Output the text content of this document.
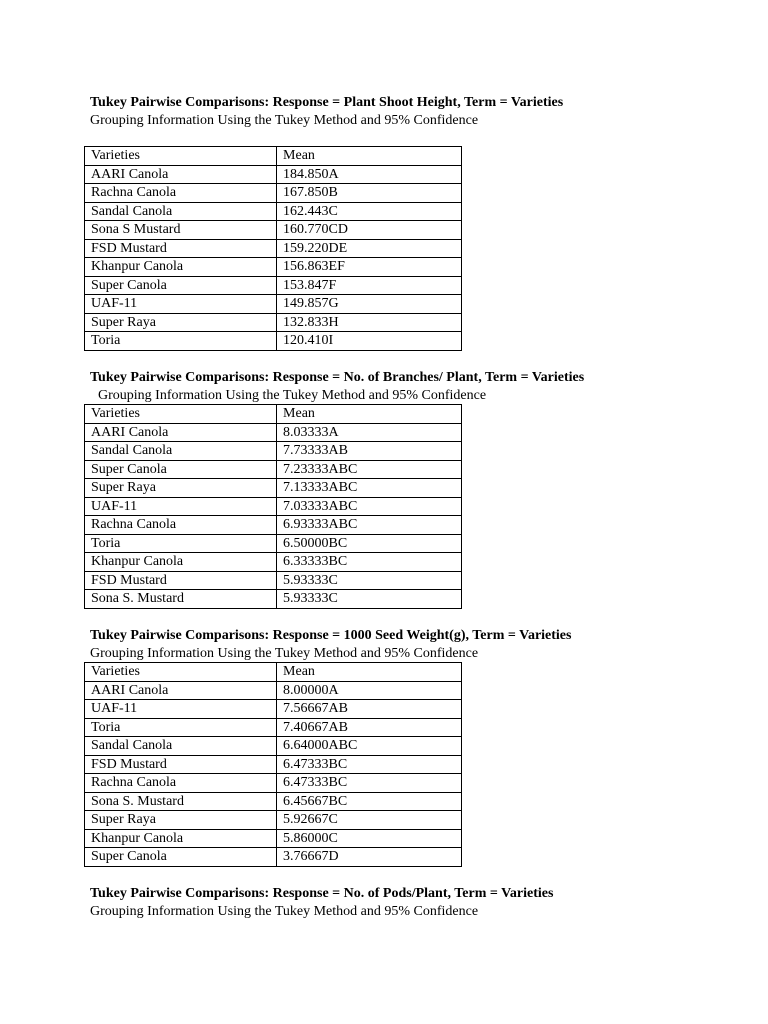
Tukey Pairwise Comparisons: Response = Plant Shoot Height, Term = Varieties
Grouping Information Using the Tukey Method and 95% Confidence
Varieties	Mean
AARI Canola	184.850A
Rachna Canola	167.850B
Sandal Canola	162.443C
Sona S Mustard	160.770CD
FSD Mustard	159.220DE
Khanpur Canola	156.863EF
Super Canola	153.847F
UAF-11	149.857G
Super Raya	132.833H
Toria	120.410I
Tukey Pairwise Comparisons: Response = No. of Branches/ Plant, Term = Varieties
Grouping Information Using the Tukey Method and 95% Confidence
Varieties	Mean
AARI Canola	8.03333A
Sandal Canola	7.73333AB
Super Canola	7.23333ABC
Super Raya	7.13333ABC
UAF-11	7.03333ABC
Rachna Canola	6.93333ABC
Toria	6.50000BC
Khanpur Canola	6.33333BC
FSD Mustard	5.93333C
Sona S. Mustard	5.93333C
Tukey Pairwise Comparisons: Response = 1000 Seed Weight(g), Term = Varieties
Grouping Information Using the Tukey Method and 95% Confidence
Varieties	Mean
AARI Canola	8.00000A
UAF-11	7.56667AB
Toria	7.40667AB
Sandal Canola	6.64000ABC
FSD Mustard	6.47333BC
Rachna Canola	6.47333BC
Sona S. Mustard	6.45667BC
Super Raya	5.92667C
Khanpur Canola	5.86000C
Super Canola	3.76667D
Tukey Pairwise Comparisons: Response = No. of Pods/Plant, Term = Varieties
Grouping Information Using the Tukey Method and 95% Confidence
